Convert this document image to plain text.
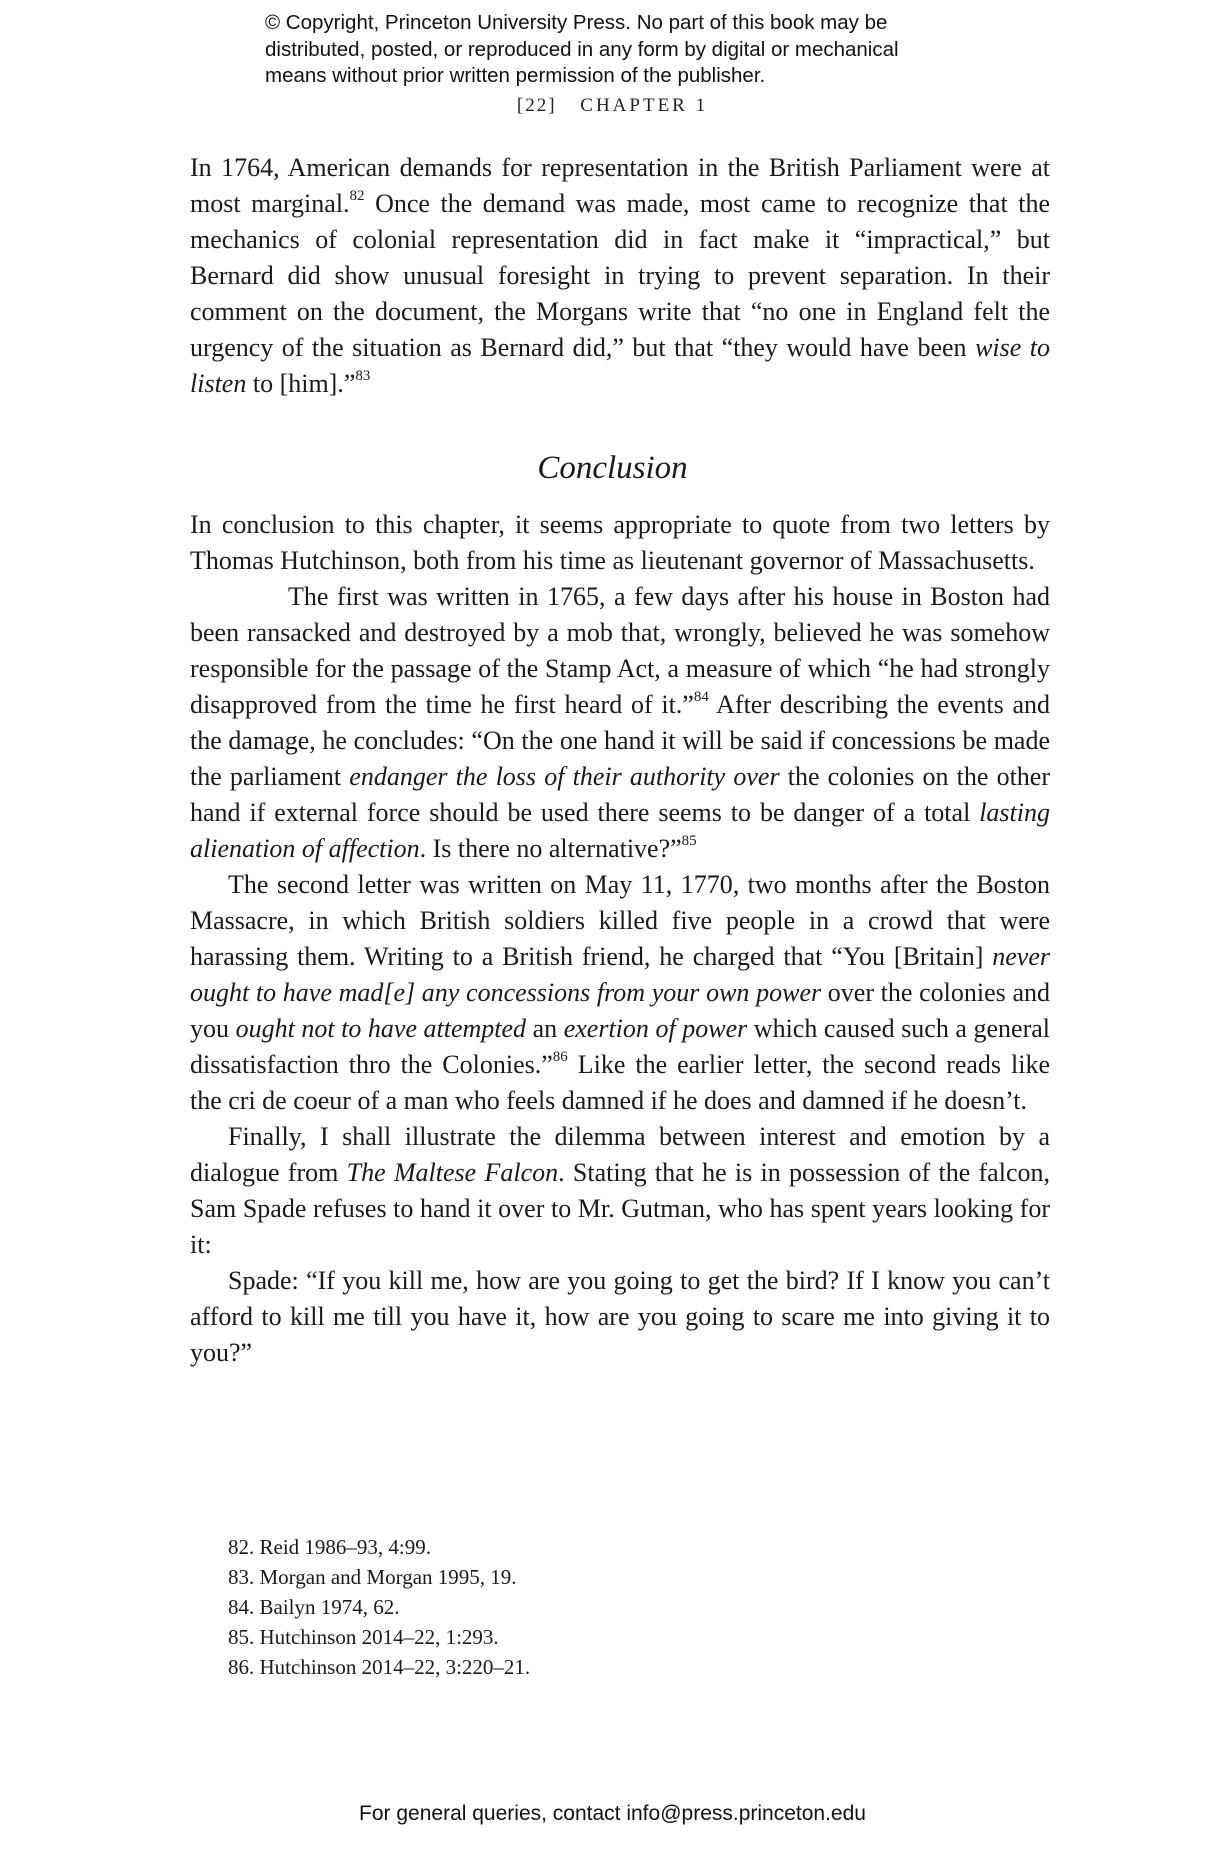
© Copyright, Princeton University Press. No part of this book may be
distributed, posted, or reproduced in any form by digital or mechanical
means without prior written permission of the publisher.
[22] CHAPTER 1

In 1764, American demands for representation in the British Parliament were at most marginal.$^{82}$ Once the demand was made, most came to recognize that the mechanics of colonial representation did in fact make it “impractical,” but Bernard did show unusual foresight in trying to prevent separation. In their comment on the document, the Morgans write that “no one in England felt the urgency of the situation as Bernard did,” but that “they would have been wise to listen to [him].”$^{83}$

Conclusion

In conclusion to this chapter, it seems appropriate to quote from two letters by Thomas Hutchinson, both from his time as lieutenant governor of Massachusetts.

The first was written in 1765, a few days after his house in Boston had been ransacked and destroyed by a mob that, wrongly, believed he was somehow responsible for the passage of the Stamp Act, a measure of which “he had strongly disapproved from the time he first heard of it.”$^{84}$ After describing the events and the damage, he concludes: “On the one hand it will be said if concessions be made the parliament endanger the loss of their authority over the colonies on the other hand if external force should be used there seems to be danger of a total lasting alienation of affection. Is there no alternative?”$^{85}$

The second letter was written on May 11, 1770, two months after the Boston Massacre, in which British soldiers killed five people in a crowd that were harassing them. Writing to a British friend, he charged that “You [Britain] never ought to have mad[e] any concessions from your own power over the colonies and you ought not to have attempted an exertion of power which caused such a general dissatisfaction thro the Colonies.”$^{86}$ Like the earlier letter, the second reads like the cri de coeur of a man who feels damned if he does and damned if he doesn’t.

Finally, I shall illustrate the dilemma between interest and emotion by a dialogue from The Maltese Falcon. Stating that he is in possession of the falcon, Sam Spade refuses to hand it over to Mr. Gutman, who has spent years looking for it:

Spade: “If you kill me, how are you going to get the bird? If I know you can’t afford to kill me till you have it, how are you going to scare me into giving it to you?”

82. Reid 1986–93, 4:99.
83. Morgan and Morgan 1995, 19.
84. Bailyn 1974, 62.
85. Hutchinson 2014–22, 1:293.
86. Hutchinson 2014–22, 3:220–21.
For general queries, contact info@press.princeton.edu
